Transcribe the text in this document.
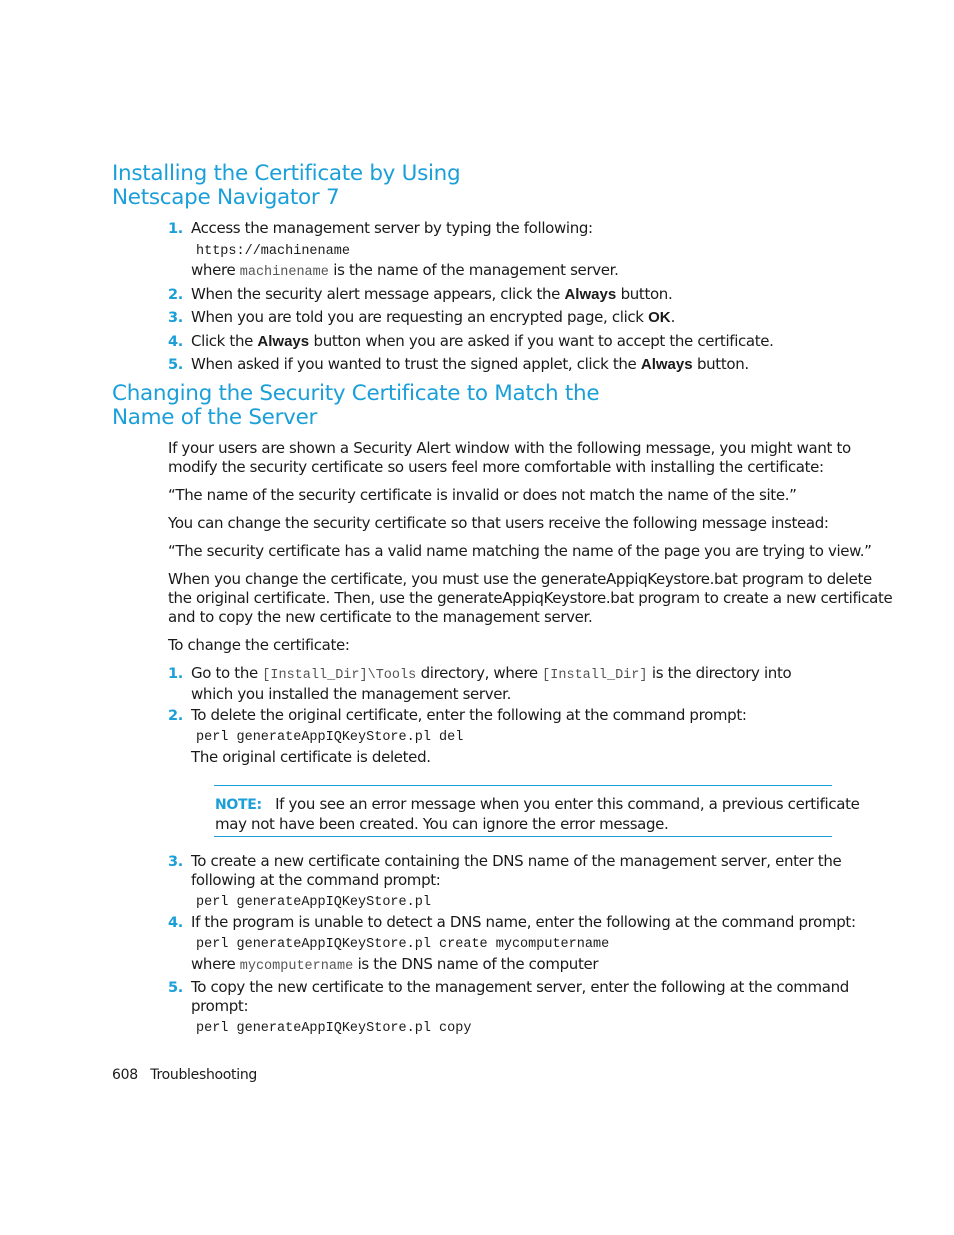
Installing the Certificate by Using
Netscape Navigator 7
1. Access the management server by typing the following:
https://machinename
where machinename is the name of the management server.
2. When the security alert message appears, click the Always button.
3. When you are told you are requesting an encrypted page, click OK.
4. Click the Always button when you are asked if you want to accept the certificate.
5. When asked if you wanted to trust the signed applet, click the Always button.
Changing the Security Certificate to Match the
Name of the Server
If your users are shown a Security Alert window with the following message, you might want to
modify the security certificate so users feel more comfortable with installing the certificate:
“The name of the security certificate is invalid or does not match the name of the site.”
You can change the security certificate so that users receive the following message instead:
“The security certificate has a valid name matching the name of the page you are trying to view.”
When you change the certificate, you must use the generateAppiqKeystore.bat program to delete
the original certificate. Then, use the generateAppiqKeystore.bat program to create a new certificate
and to copy the new certificate to the management server.
To change the certificate:
1. Go to the [Install_Dir]\Tools directory, where [Install_Dir] is the directory into
which you installed the management server.
2. To delete the original certificate, enter the following at the command prompt:
perl generateAppIQKeyStore.pl del
The original certificate is deleted.
NOTE: If you see an error message when you enter this command, a previous certificate
may not have been created. You can ignore the error message.
3. To create a new certificate containing the DNS name of the management server, enter the
following at the command prompt:
perl generateAppIQKeyStore.pl
4. If the program is unable to detect a DNS name, enter the following at the command prompt:
perl generateAppIQKeyStore.pl create mycomputername
where mycomputername is the DNS name of the computer
5. To copy the new certificate to the management server, enter the following at the command
prompt:
perl generateAppIQKeyStore.pl copy
608 Troubleshooting
